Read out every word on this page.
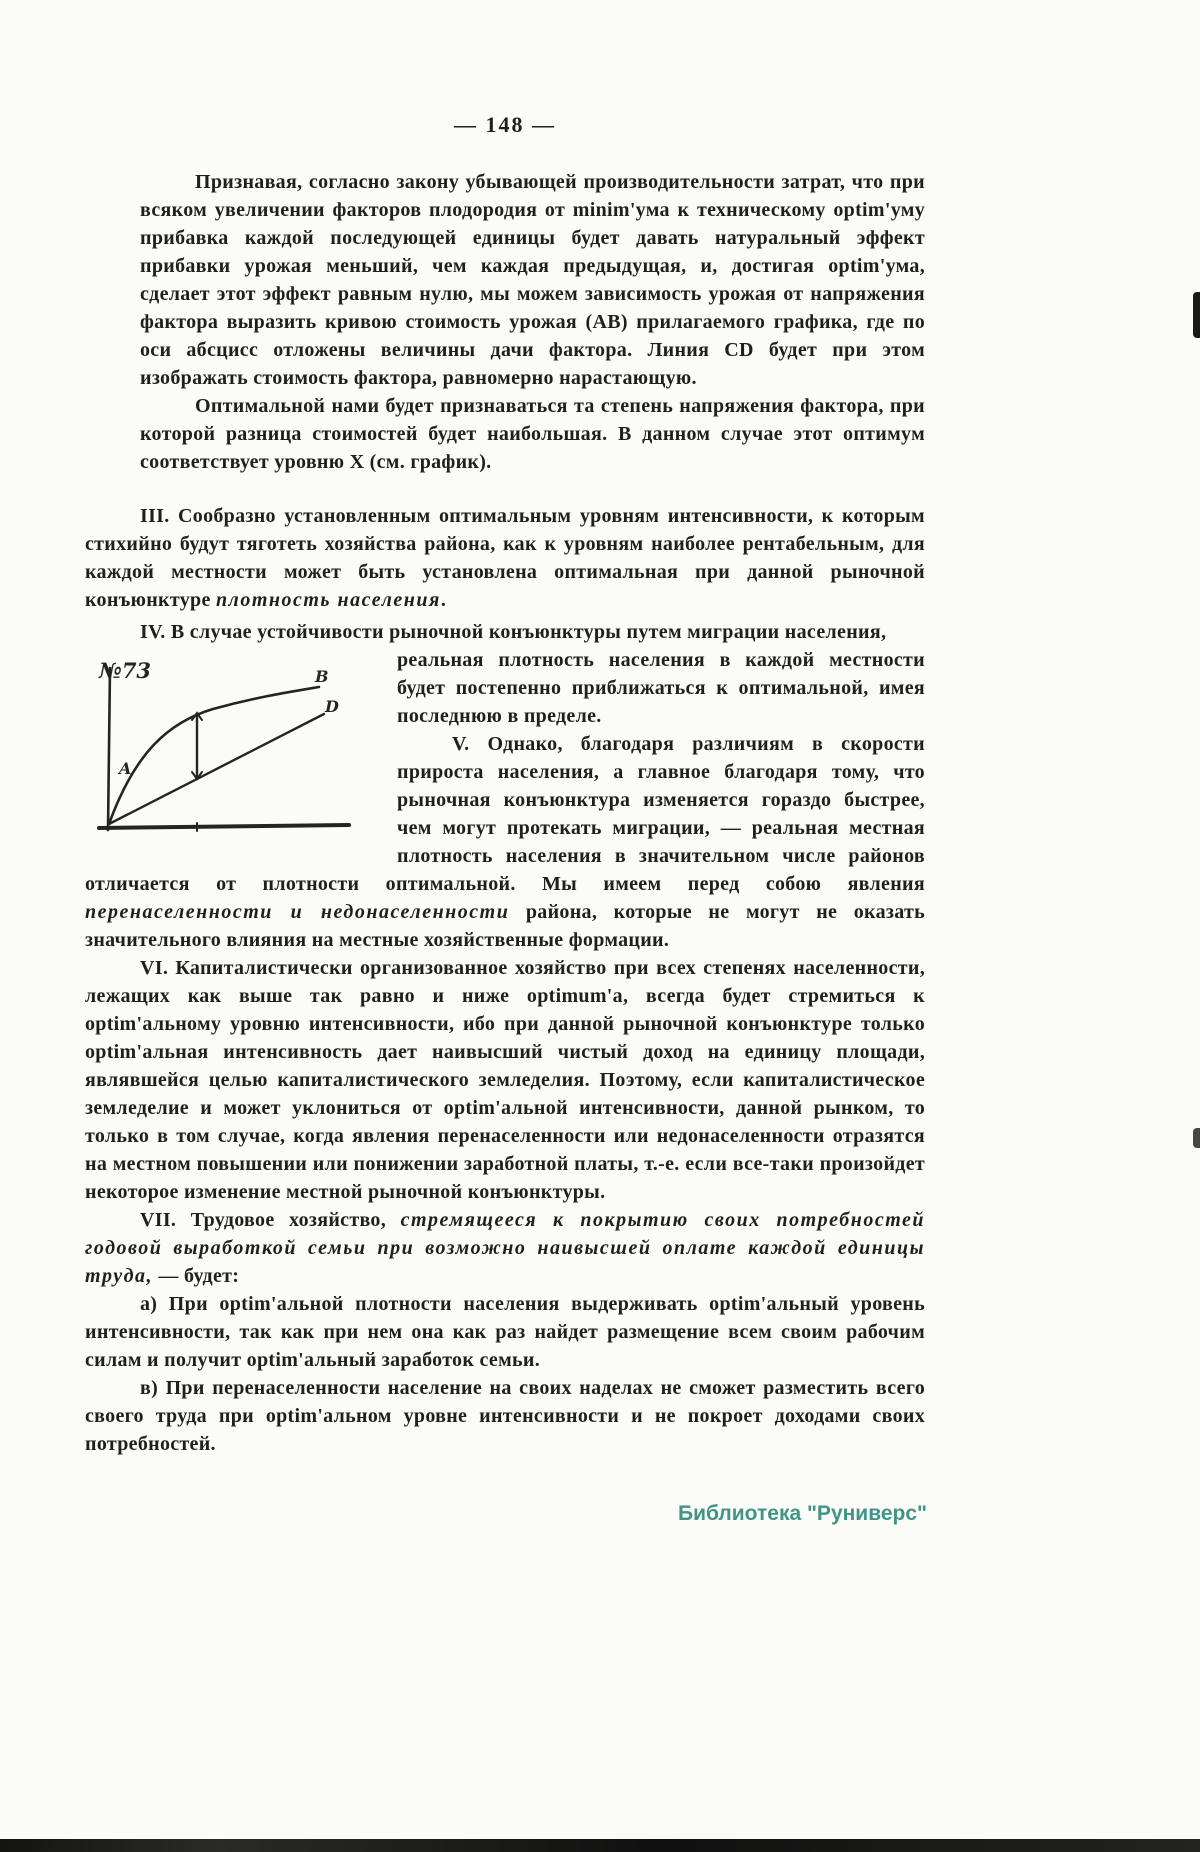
— 148 —

Признавая, согласно закону убывающей производительности затрат, что при всяком увеличении факторов плодородия от minim'ума к техническому optim'уму прибавка каждой последующей единицы будет давать натуральный эффект прибавки урожая меньший, чем каждая предыдущая, и, достигая optim'ума, сделает этот эффект равным нулю, мы можем зависимость урожая от напряжения фактора выразить кривою стоимость урожая (АВ) прилагаемого графика, где по оси абсцисс отложены величины дачи фактора. Линия CD будет при этом изображать стоимость фактора, равномерно нарастающую.

Оптимальной нами будет признаваться та степень напряжения фактора, при которой разница стоимостей будет наибольшая. В данном случае этот оптимум соответствует уровню X (см. график).

III. Сообразно установленным оптимальным уровням интенсивности, к которым стихийно будут тяготеть хозяйства района, как к уровням наиболее рентабельным, для каждой местности может быть установлена оптимальная при данной рыночной конъюнктуре плотность населения.

IV. В случае устойчивости рыночной конъюнктуры путем миграции населения,

№73
A
B
D

реальная плотность населения в каждой местности будет постепенно приближаться к оптимальной, имея последнюю в пределе.

V. Однако, благодаря различиям в скорости прироста населения, а главное благодаря тому, что рыночная конъюнктура изменяется гораздо быстрее, чем могут протекать миграции, — реальная местная плотность населения в значительном числе районов отличается от плотности оптимальной. Мы имеем перед собою явления перенаселенности и недонаселенности района, которые не могут не оказать значительного влияния на местные хозяйственные формации.

VI. Капиталистически организованное хозяйство при всех степенях населенности, лежащих как выше так равно и ниже optimum'а, всегда будет стремиться к optim'альному уровню интенсивности, ибо при данной рыночной конъюнктуре только optim'альная интенсивность дает наивысший чистый доход на единицу площади, являвшейся целью капиталистического земледелия. Поэтому, если капиталистическое земледелие и может уклониться от optim'альной интенсивности, данной рынком, то только в том случае, когда явления перенаселенности или недонаселенности отразятся на местном повышении или понижении заработной платы, т.-е. если все-таки произойдет некоторое изменение местной рыночной конъюнктуры.

VII. Трудовое хозяйство, стремящееся к покрытию своих потребностей годовой выработкой семьи при возможно наивысшей оплате каждой единицы труда, — будет:

а) При optim'альной плотности населения выдерживать optim'альный уровень интенсивности, так как при нем она как раз найдет размещение всем своим рабочим силам и получит optim'альный заработок семьи.

в) При перенаселенности население на своих наделах не сможет разместить всего своего труда при optim'альном уровне интенсивности и не покроет доходами своих потребностей.

Библиотека "Руниверс"
